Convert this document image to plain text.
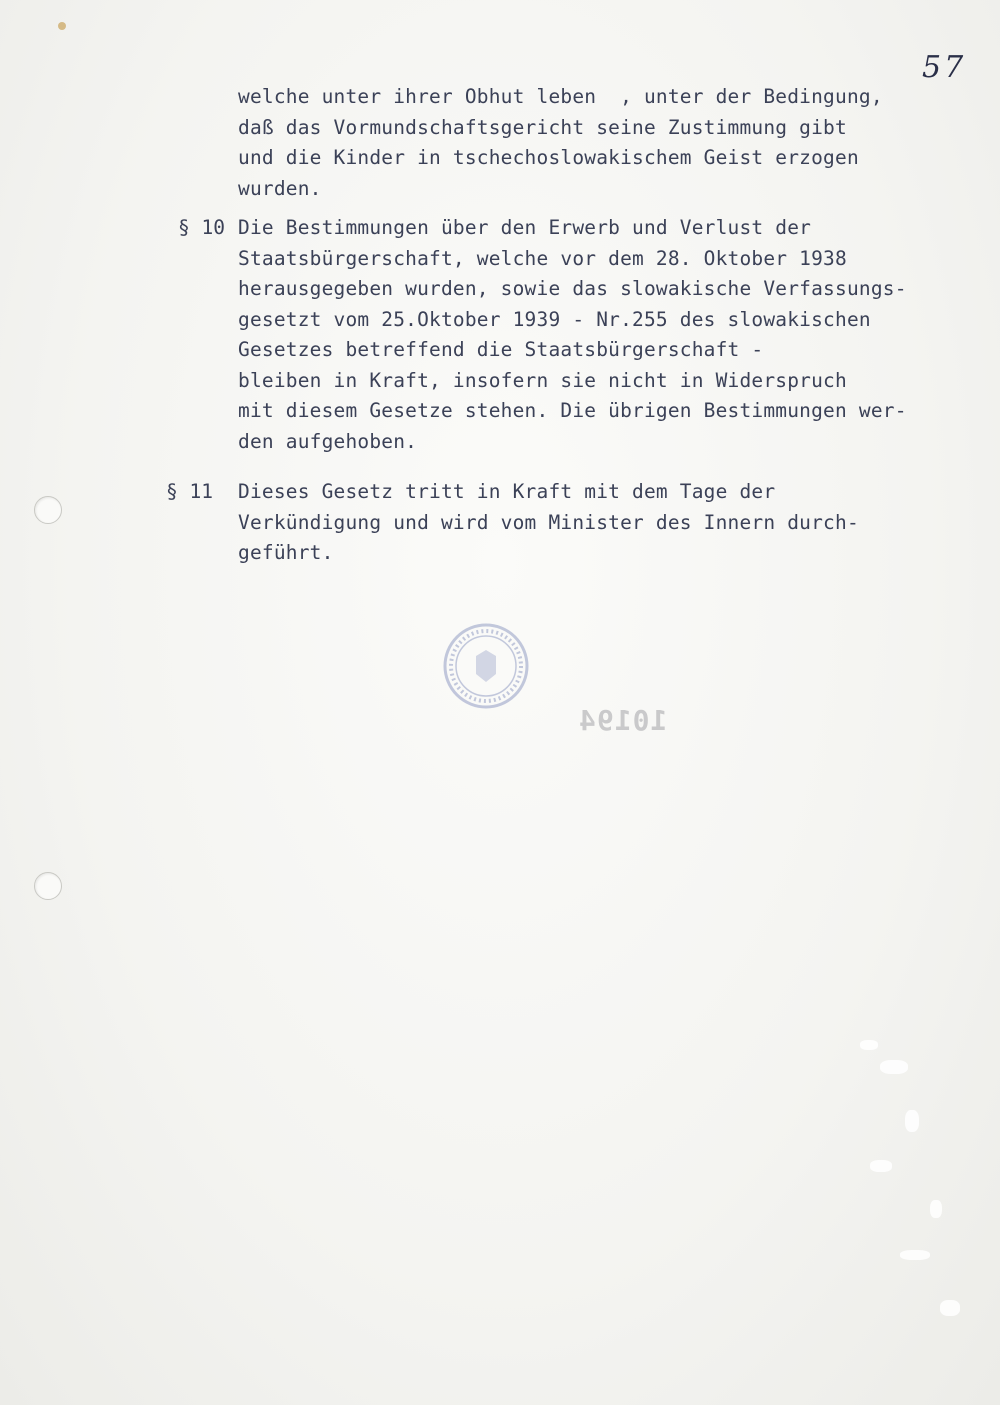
57
welche unter ihrer Obhut leben  , unter der Bedingung,
daß das Vormundschaftsgericht seine Zustimmung gibt
und die Kinder in tschechoslowakischem Geist erzogen
wurden.
§ 10 Die Bestimmungen über den Erwerb und Verlust der
Staatsbürgerschaft, welche vor dem 28. Oktober 1938
herausgegeben wurden, sowie das slowakische Verfassungs-
gesetzt vom 25.Oktober 1939 - Nr.255 des slowakischen
Gesetzes betreffend die Staatsbürgerschaft -
bleiben in Kraft, insofern sie nicht in Widerspruch
mit diesem Gesetze stehen. Die übrigen Bestimmungen wer-
den aufgehoben.
§ 11 Dieses Gesetz tritt in Kraft mit dem Tage der
Verkündigung und wird vom Minister des Innern durch-
geführt.
10194
